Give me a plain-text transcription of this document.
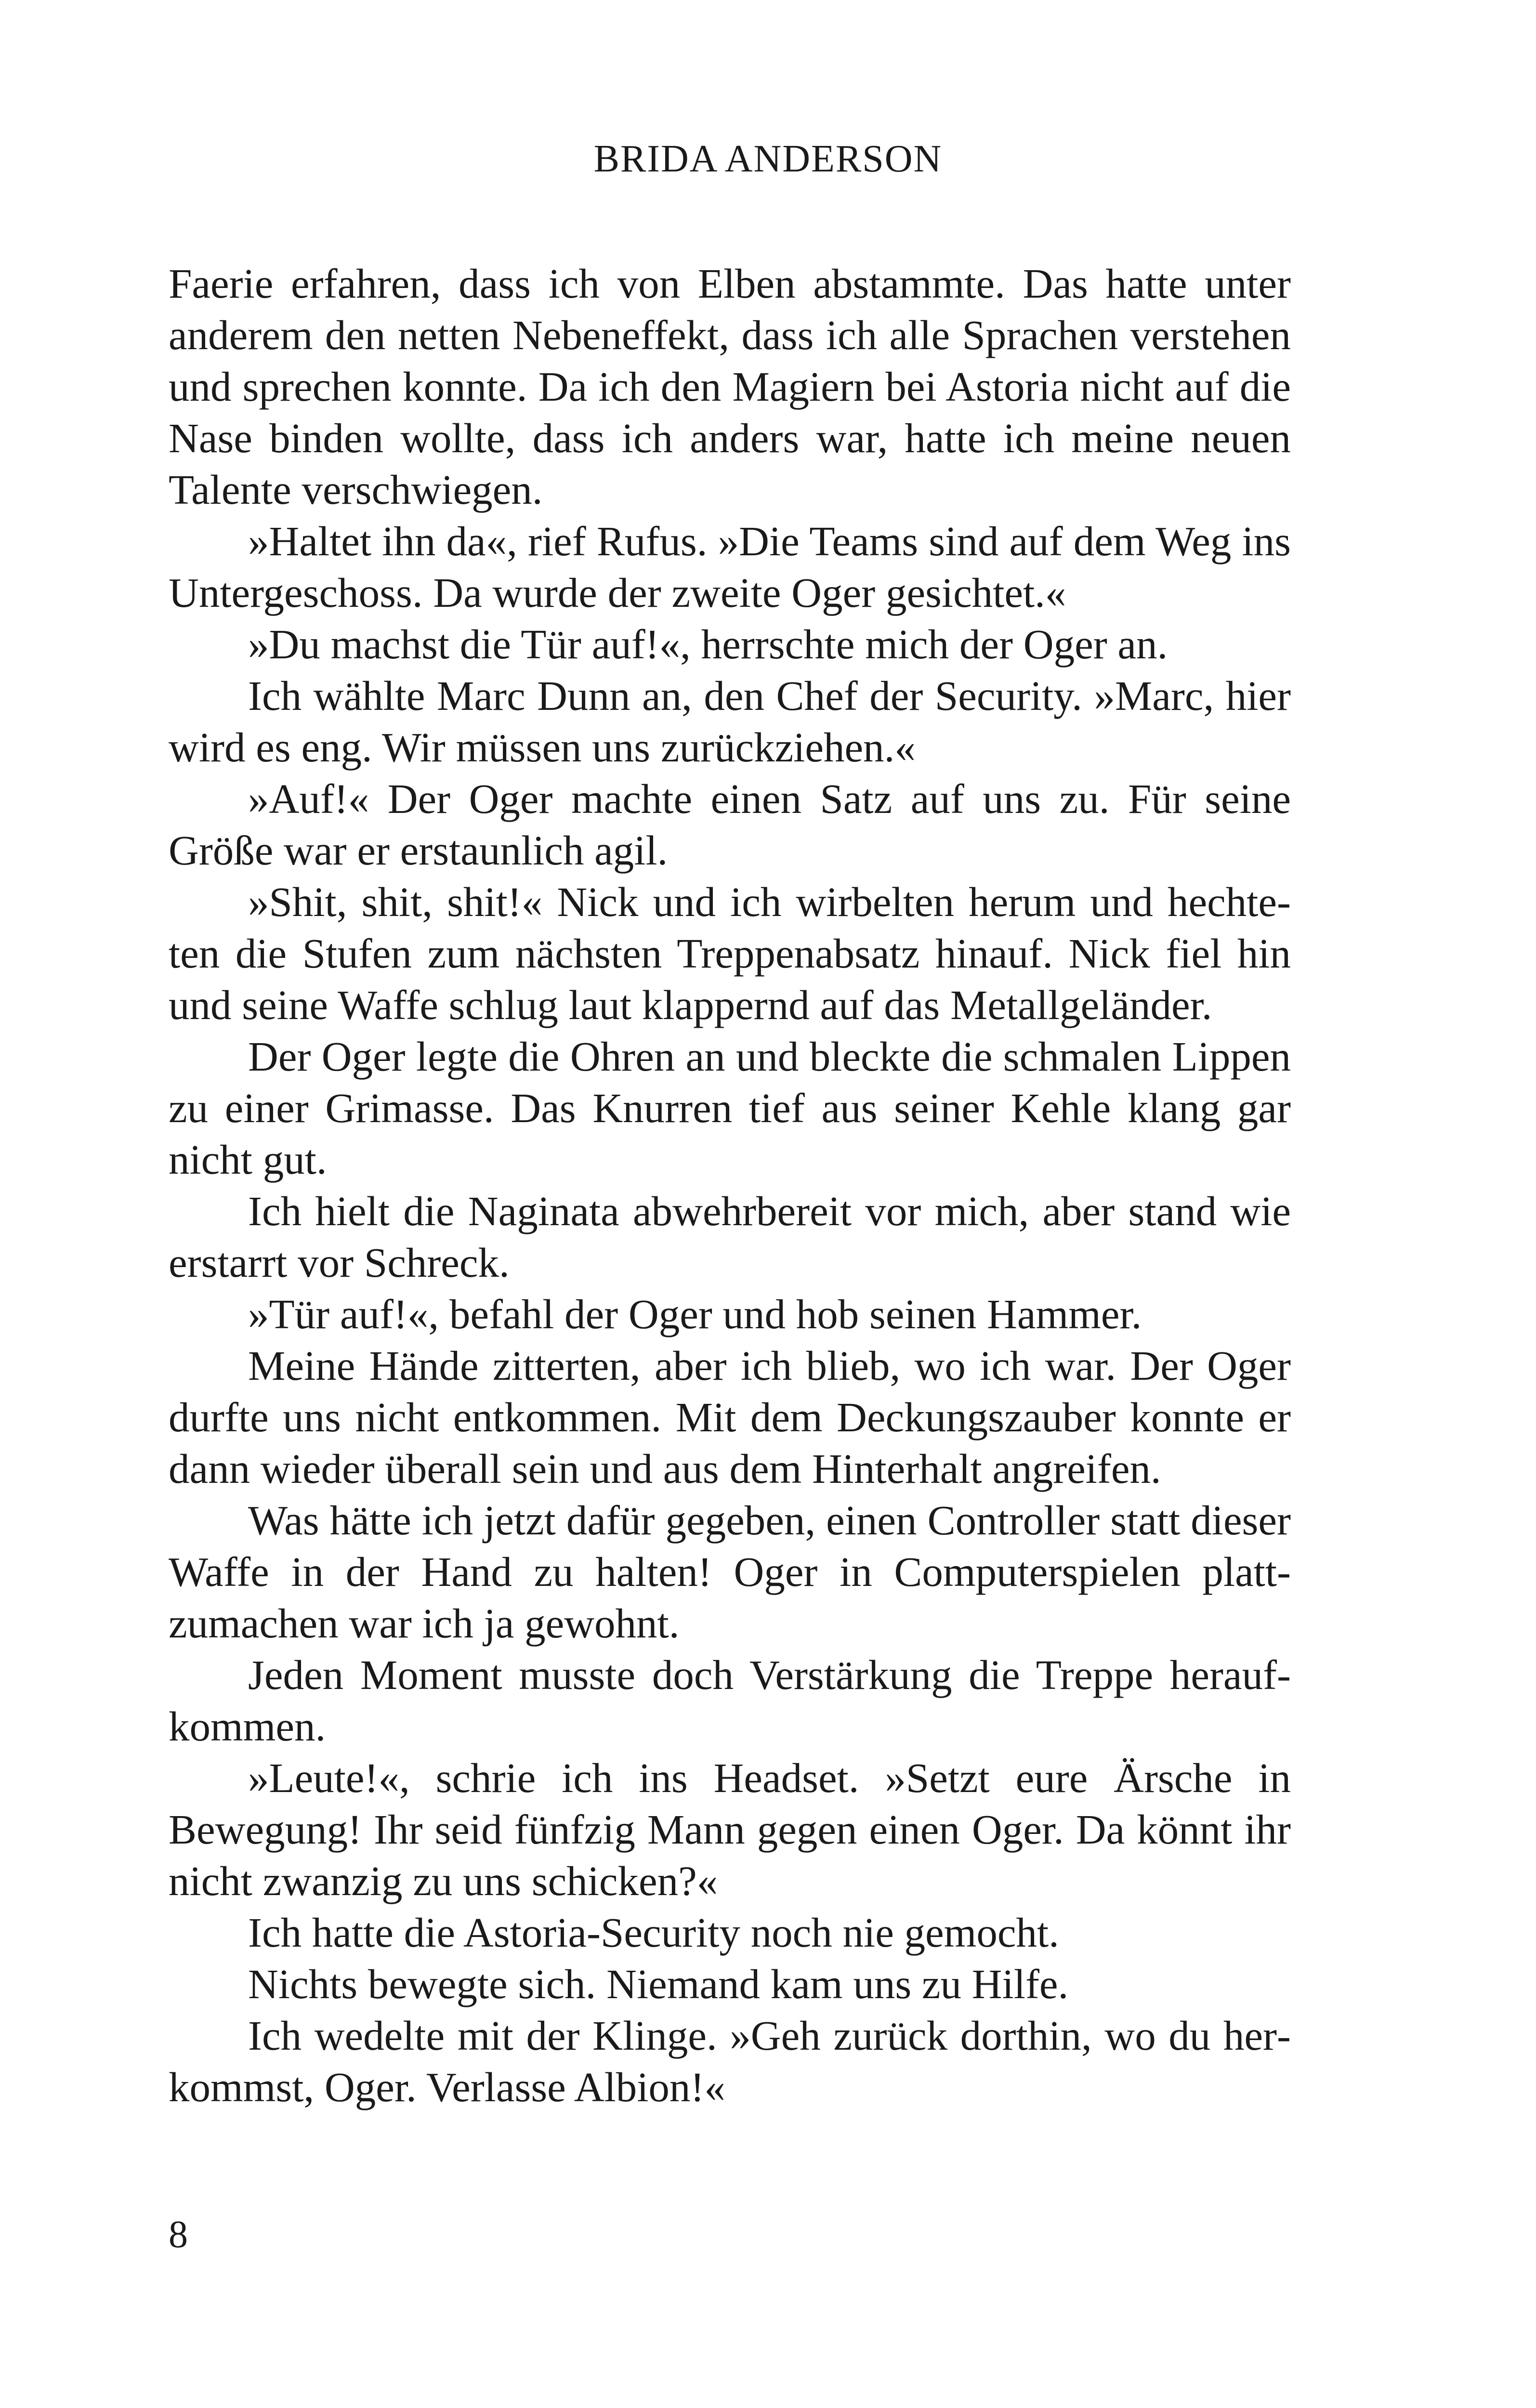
BRIDA ANDERSON

Faerie erfahren, dass ich von Elben abstammte. Das hatte unter anderem den netten Nebeneffekt, dass ich alle Sprachen verstehen und sprechen konnte. Da ich den Magiern bei Astoria nicht auf die Nase binden wollte, dass ich anders war, hatte ich meine neuen Talente verschwiegen.

»Haltet ihn da«, rief Rufus. »Die Teams sind auf dem Weg ins Untergeschoss. Da wurde der zweite Oger gesichtet.«

»Du machst die Tür auf!«, herrschte mich der Oger an.

Ich wählte Marc Dunn an, den Chef der Security. »Marc, hier wird es eng. Wir müssen uns zurückziehen.«

»Auf!« Der Oger machte einen Satz auf uns zu. Für seine Größe war er erstaunlich agil.

»Shit, shit, shit!« Nick und ich wirbelten herum und hechteten die Stufen zum nächsten Treppenabsatz hinauf. Nick fiel hin und seine Waffe schlug laut klappernd auf das Metallgeländer.

Der Oger legte die Ohren an und bleckte die schmalen Lippen zu einer Grimasse. Das Knurren tief aus seiner Kehle klang gar nicht gut.

Ich hielt die Naginata abwehrbereit vor mich, aber stand wie erstarrt vor Schreck.

»Tür auf!«, befahl der Oger und hob seinen Hammer.

Meine Hände zitterten, aber ich blieb, wo ich war. Der Oger durfte uns nicht entkommen. Mit dem Deckungszauber konnte er dann wieder überall sein und aus dem Hinterhalt angreifen.

Was hätte ich jetzt dafür gegeben, einen Controller statt dieser Waffe in der Hand zu halten! Oger in Computerspielen platt-zumachen war ich ja gewohnt.

Jeden Moment musste doch Verstärkung die Treppe heraufkommen.

»Leute!«, schrie ich ins Headset. »Setzt eure Ärsche in Bewegung! Ihr seid fünfzig Mann gegen einen Oger. Da könnt ihr nicht zwanzig zu uns schicken?«

Ich hatte die Astoria-Security noch nie gemocht.

Nichts bewegte sich. Niemand kam uns zu Hilfe.

Ich wedelte mit der Klinge. »Geh zurück dorthin, wo du herkommst, Oger. Verlasse Albion!«

8
